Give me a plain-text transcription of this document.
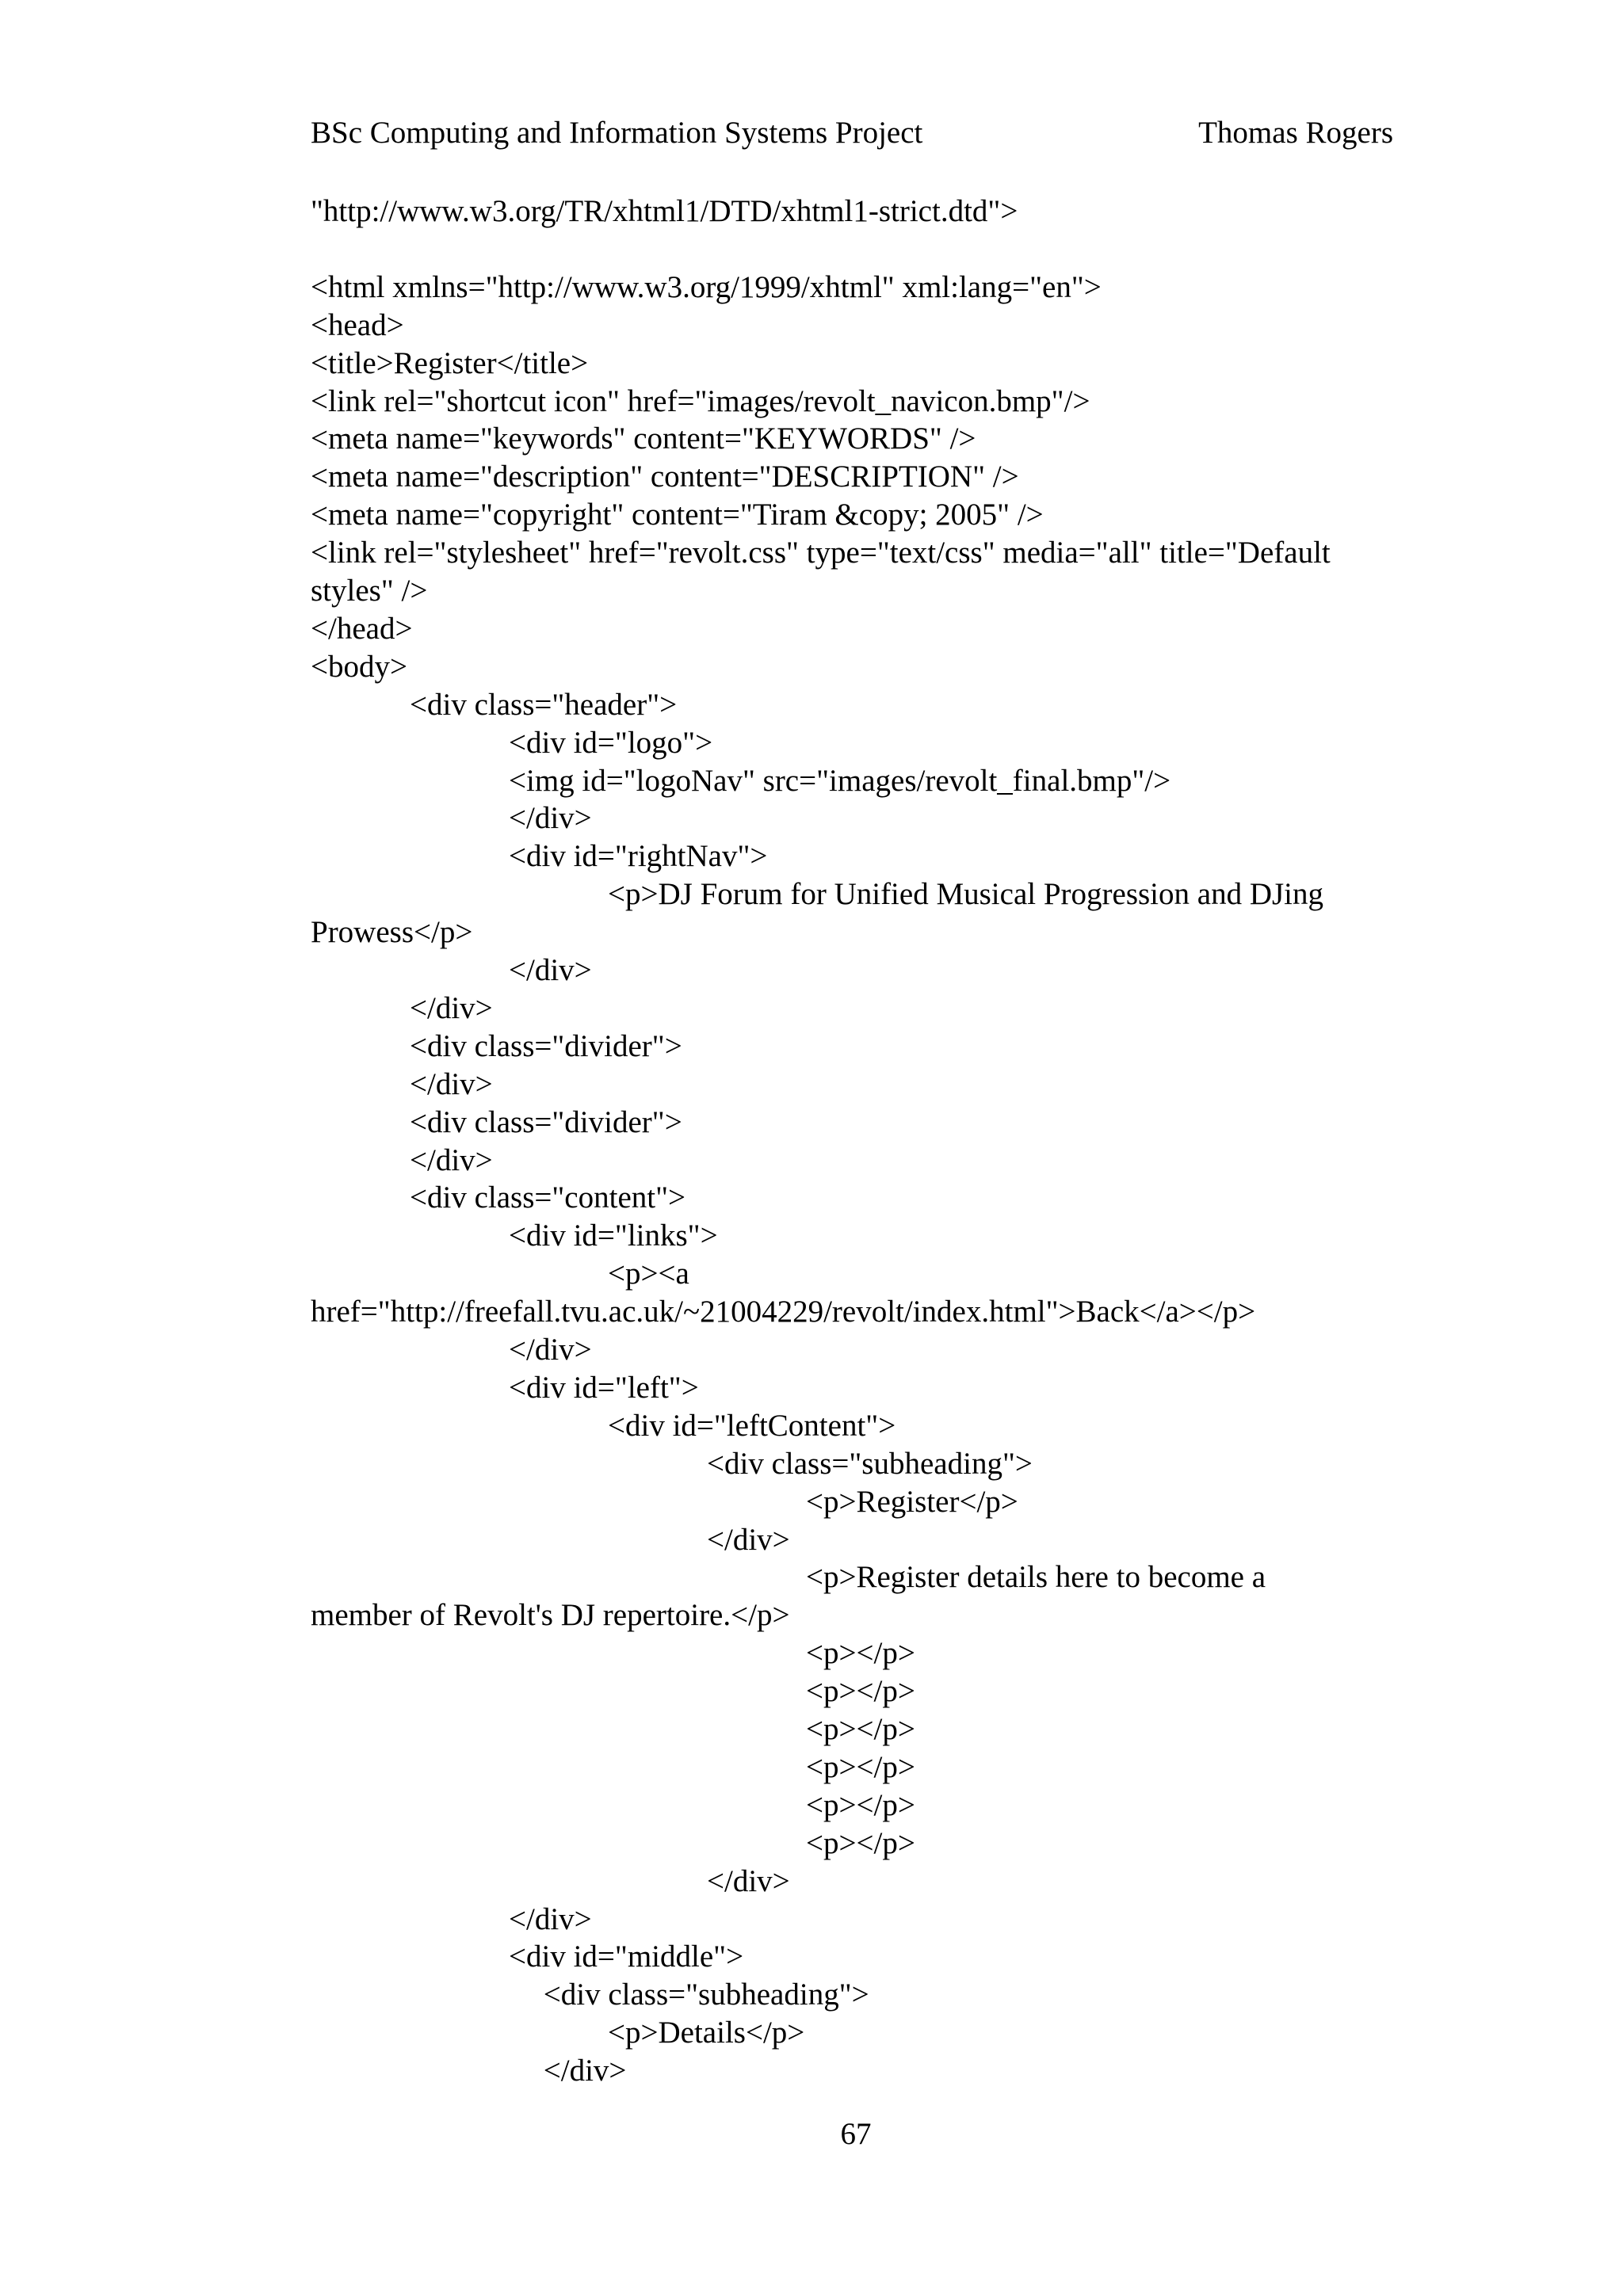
BSc Computing and Information Systems Project	Thomas Rogers
"http://www.w3.org/TR/xhtml1/DTD/xhtml1-strict.dtd">
<html xmlns="http://www.w3.org/1999/xhtml" xml:lang="en">
<head>
<title>Register</title>
<link rel="shortcut icon" href="images/revolt_navicon.bmp"/>
<meta name="keywords" content="KEYWORDS" />
<meta name="description" content="DESCRIPTION" />
<meta name="copyright" content="Tiram &copy; 2005" />
<link rel="stylesheet" href="revolt.css" type="text/css" media="all" title="Default
styles" />
</head>
<body>
<div class="header">
<div id="logo">
<img id="logoNav" src="images/revolt_final.bmp"/>
</div>
<div id="rightNav">
<p>DJ Forum for Unified Musical Progression and DJing
Prowess</p>
</div>
</div>
<div class="divider">
</div>
<div class="divider">
</div>
<div class="content">
<div id="links">
<p><a
href="http://freefall.tvu.ac.uk/~21004229/revolt/index.html">Back</a></p>
</div>
<div id="left">
<div id="leftContent">
<div class="subheading">
<p>Register</p>
</div>
<p>Register details here to become a
member of Revolt's DJ repertoire.</p>
<p></p>
<p></p>
<p></p>
<p></p>
<p></p>
<p></p>
</div>
</div>
<div id="middle">
<div class="subheading">
<p>Details</p>
</div>
67
